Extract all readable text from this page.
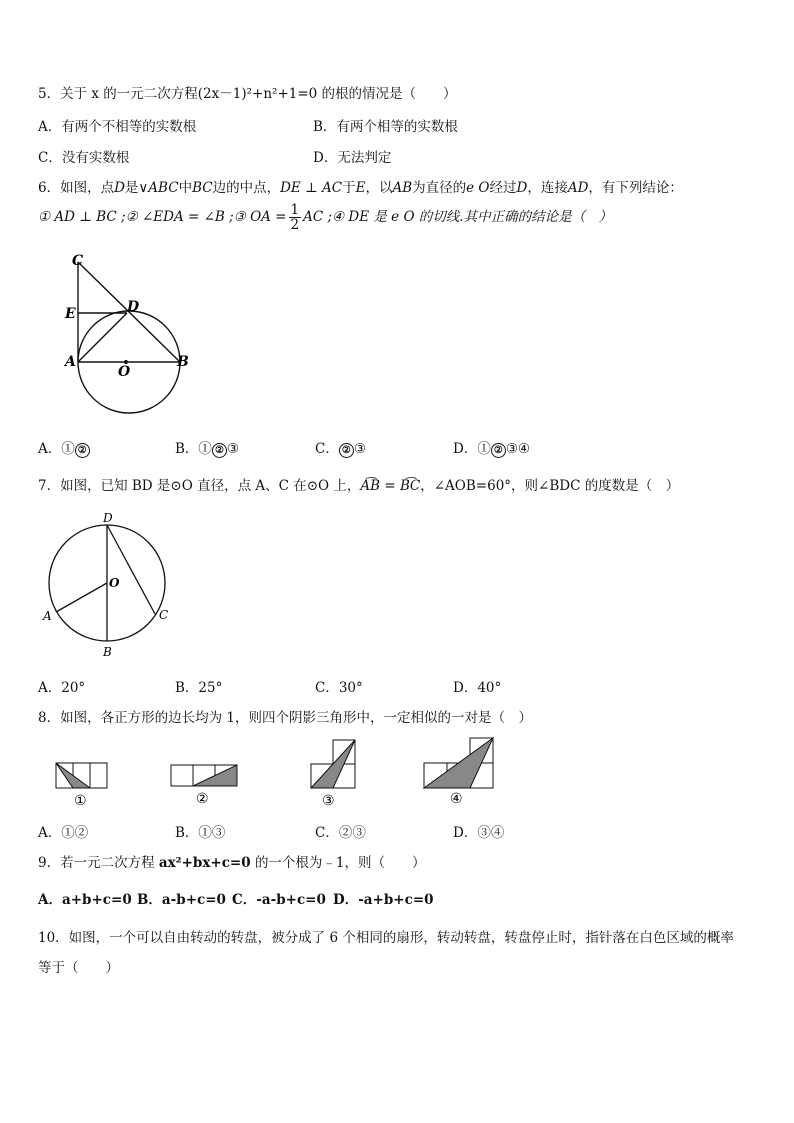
5．关于 x 的一元二次方程(2x－1)²+n²+1=0 的根的情况是（　　）
A．有两个不相等的实数根	B．有两个相等的实数根
C．没有实数根	D．无法判定
6．如图，点D是∨ABC中BC边的中点，DE ⊥ AC于E，以AB为直径的e O经过D，连接AD，有下列结论：
① AD ⊥ BC ;② ∠EDA = ∠B ;③ OA = $\frac{1}{2}$ AC ;④ DE 是 e O 的切线.其中正确的结论是（　）
C
E	D
A
O
B
A．① ②	B．① ② ③	C． ② ③	D．① ② ③④
7．如图，已知 BD 是⊙O 直径，点 A、C 在⊙O 上，A͡B = B͡C，∠AOB=60°，则∠BDC 的度数是（　）
D
O
A	C
B
A．20°	B．25°	C．30°	D．40°
8．如图，各正方形的边长均为 1，则四个阴影三角形中，一定相似的一对是（　）
①	②	③	④
A．①②	B．①③	C．②③	D．③④
9．若一元二次方程 ax²+bx+c=0 的一个根为﹣1，则（　　）
A．a+b+c=0 B．a-b+c=0 C．-a-b+c=0 D．-a+b+c=0
10．如图，一个可以自由转动的转盘，被分成了 6 个相同的扇形，转动转盘，转盘停止时，指针落在白色区域的概率
等于（　　）
